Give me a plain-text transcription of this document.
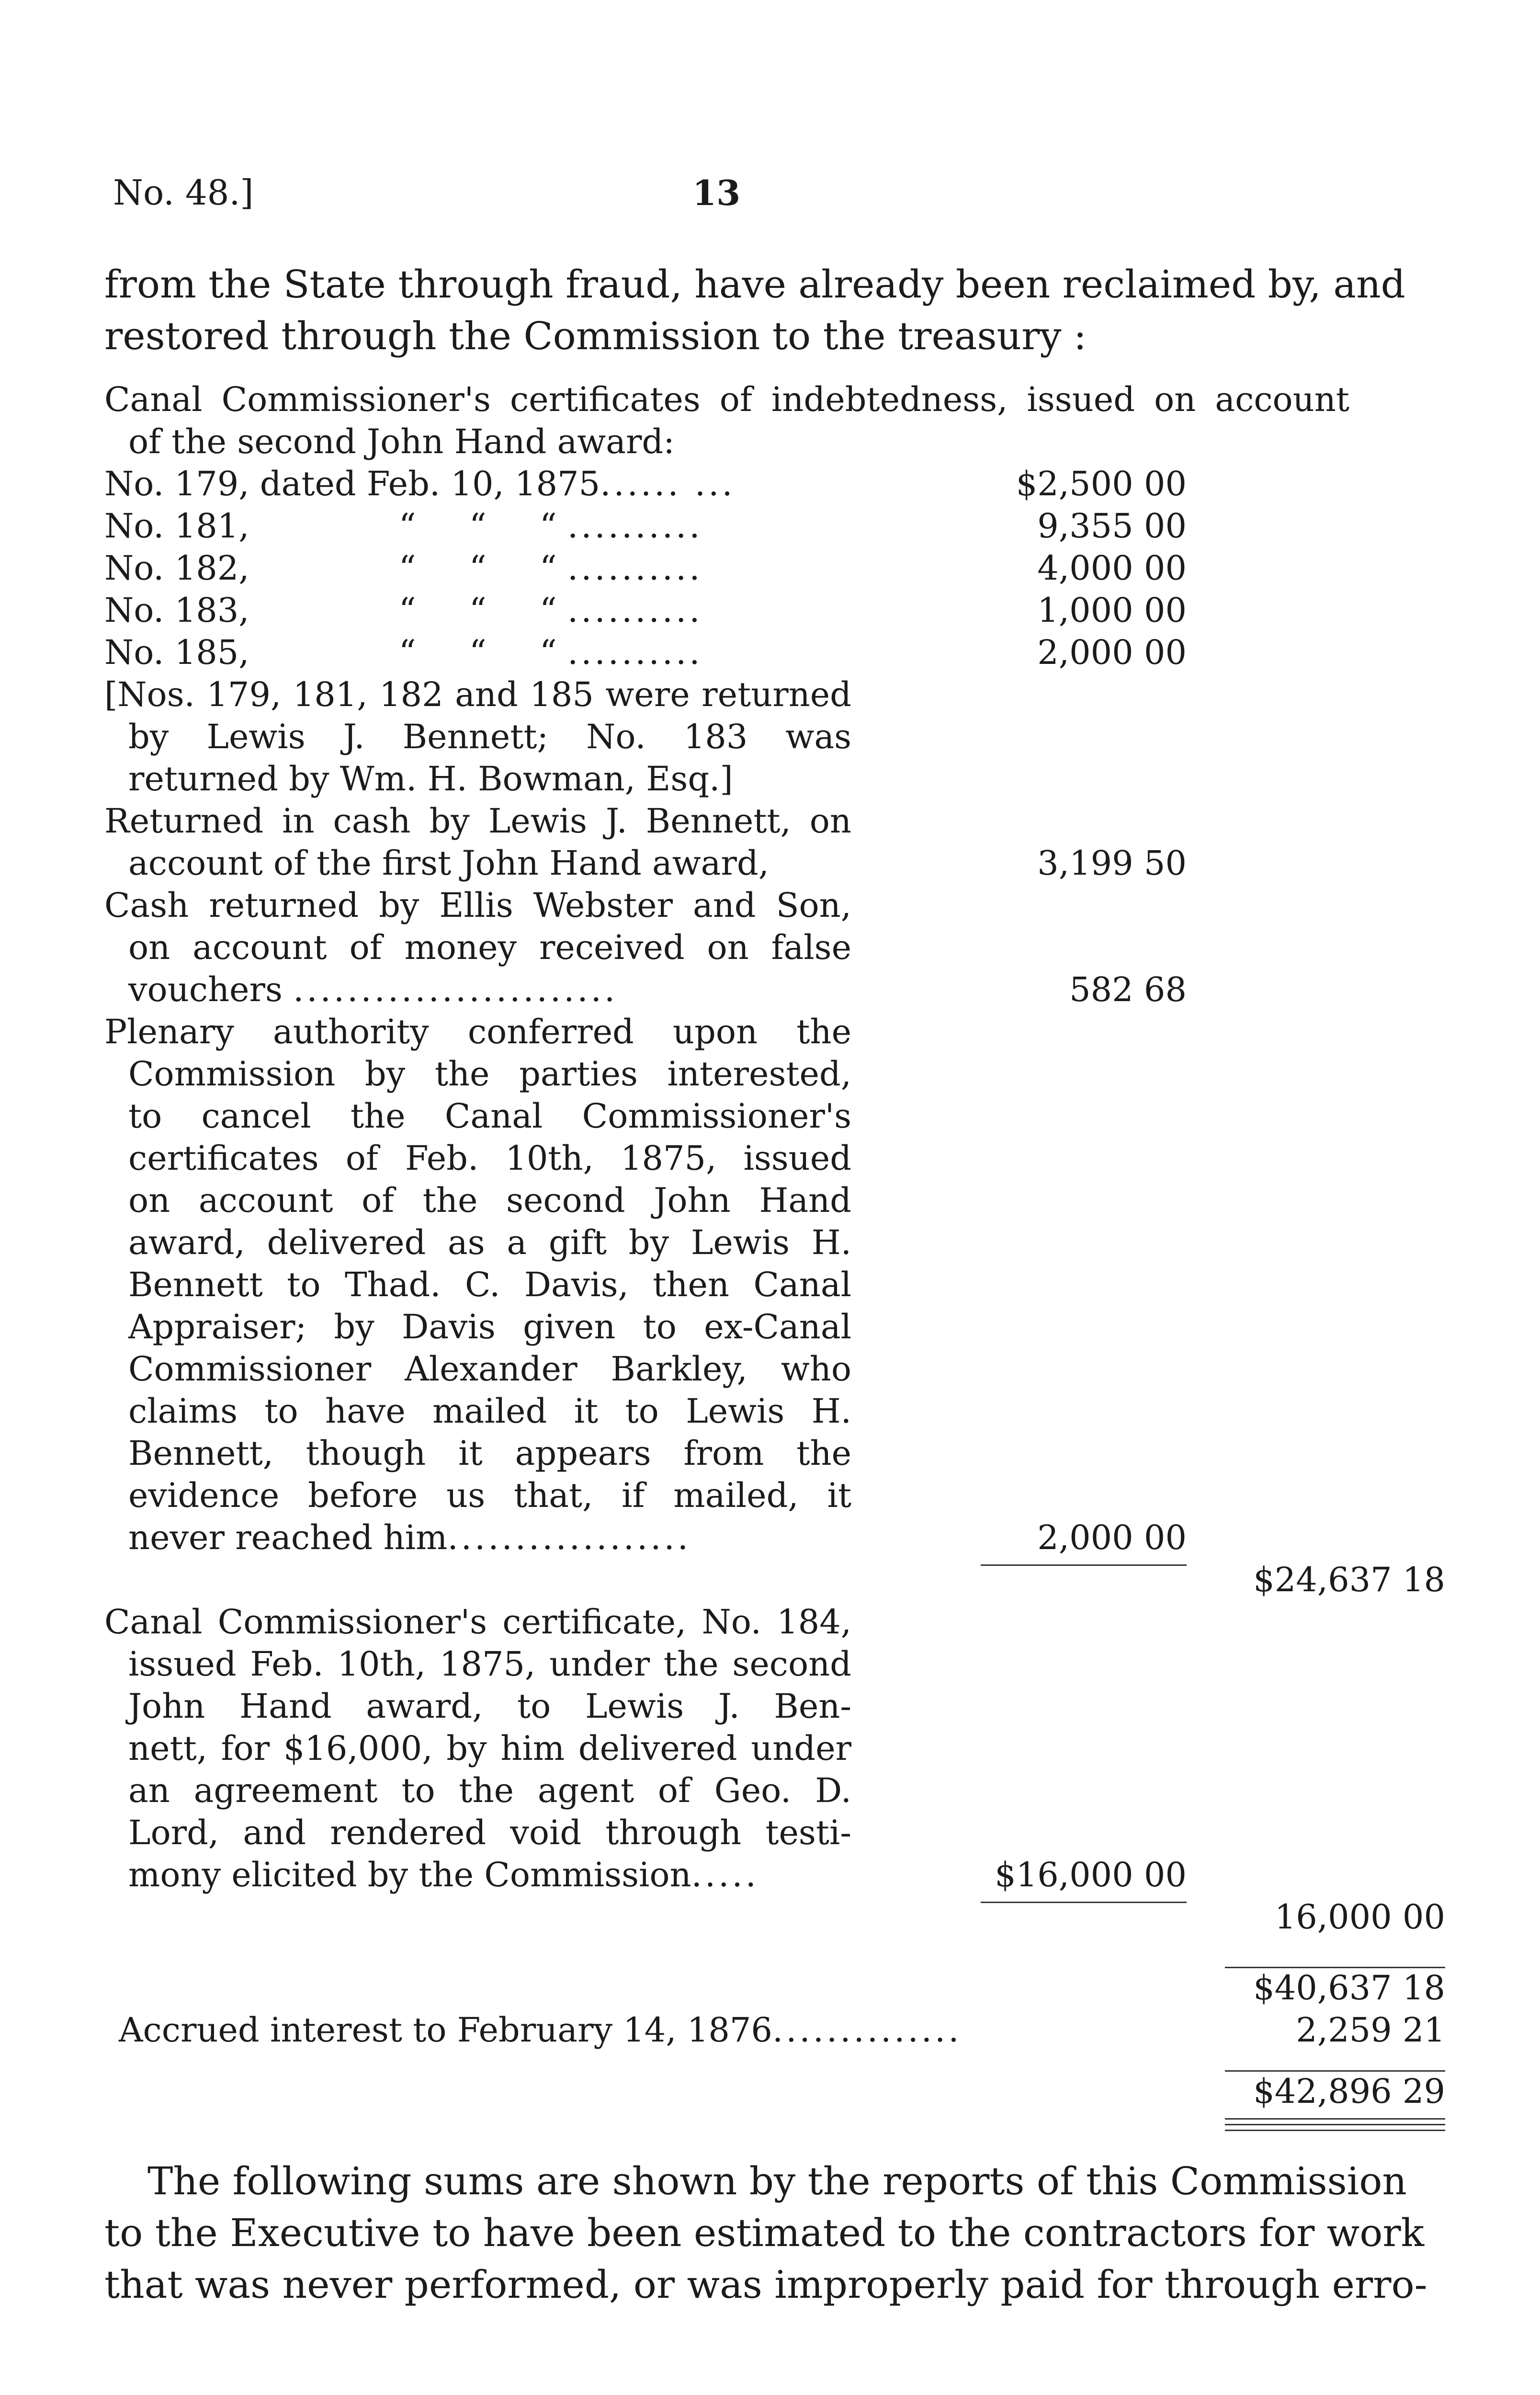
No. 48.]	13
from the State through fraud, have already been reclaimed by, and
restored through the Commission to the treasury :
Canal Commissioner's certificates of indebtedness, issued on account
of the second John Hand award:
No. 179, dated Feb. 10, 1875...... ...	$2,500 00
No. 181,	“     “     “ ..........	9,355 00
No. 182,	“     “     “ ..........	4,000 00
No. 183,	“     “     “ ..........	1,000 00
No. 185,	“     “     “ ..........	2,000 00
[Nos. 179, 181, 182 and 185 were returned
by Lewis J. Bennett; No. 183 was
returned by Wm. H. Bowman, Esq.]
Returned in cash by Lewis J. Bennett, on
account of the first John Hand award,	3,199 50
Cash returned by Ellis Webster and Son,
on account of money received on false
vouchers ........................	582 68
Plenary authority conferred upon the
Commission by the parties interested,
to cancel the Canal Commissioner's
certificates of Feb. 10th, 1875, issued
on account of the second John Hand
award, delivered as a gift by Lewis H.
Bennett to Thad. C. Davis, then Canal
Appraiser; by Davis given to ex-Canal
Commissioner Alexander Barkley, who
claims to have mailed it to Lewis H.
Bennett, though it appears from the
evidence before us that, if mailed, it
never reached him..................	2,000 00
$24,637 18
Canal Commissioner's certificate, No. 184,
issued Feb. 10th, 1875, under the second
John Hand award, to Lewis J. Ben-
nett, for $16,000, by him delivered under
an agreement to the agent of Geo. D.
Lord, and rendered void through testi-
mony elicited by the Commission.....	$16,000 00
16,000 00
$40,637 18
Accrued interest to February 14, 1876..............	2,259 21
$42,896 29
The following sums are shown by the reports of this Commission
to the Executive to have been estimated to the contractors for work
that was never performed, or was improperly paid for through erro-
